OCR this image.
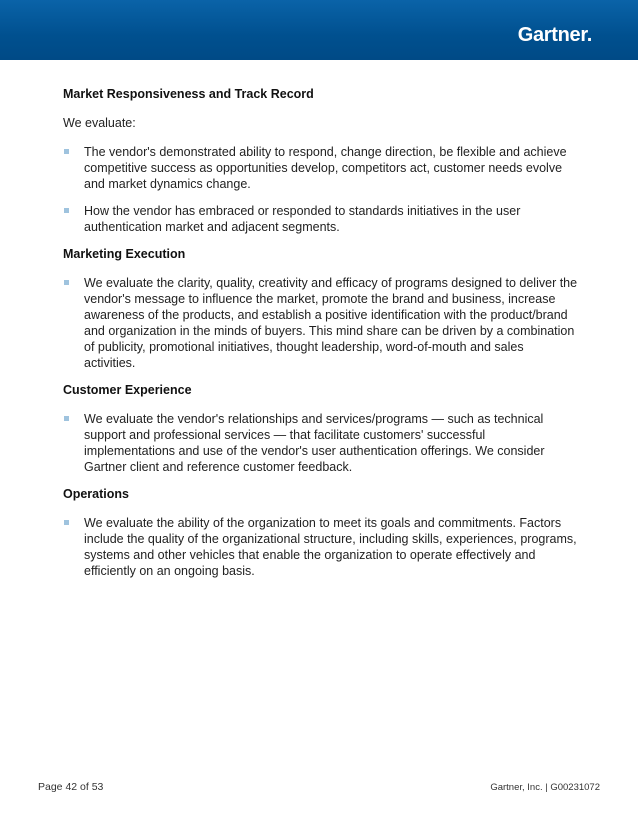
Gartner.
Market Responsiveness and Track Record
We evaluate:
The vendor's demonstrated ability to respond, change direction, be flexible and achieve competitive success as opportunities develop, competitors act, customer needs evolve and market dynamics change.
How the vendor has embraced or responded to standards initiatives in the user authentication market and adjacent segments.
Marketing Execution
We evaluate the clarity, quality, creativity and efficacy of programs designed to deliver the vendor's message to influence the market, promote the brand and business, increase awareness of the products, and establish a positive identification with the product/brand and organization in the minds of buyers. This mind share can be driven by a combination of publicity, promotional initiatives, thought leadership, word-of-mouth and sales activities.
Customer Experience
We evaluate the vendor's relationships and services/programs — such as technical support and professional services — that facilitate customers' successful implementations and use of the vendor's user authentication offerings. We consider Gartner client and reference customer feedback.
Operations
We evaluate the ability of the organization to meet its goals and commitments. Factors include the quality of the organizational structure, including skills, experiences, programs, systems and other vehicles that enable the organization to operate effectively and efficiently on an ongoing basis.
Page 42 of 53	Gartner, Inc. | G00231072
